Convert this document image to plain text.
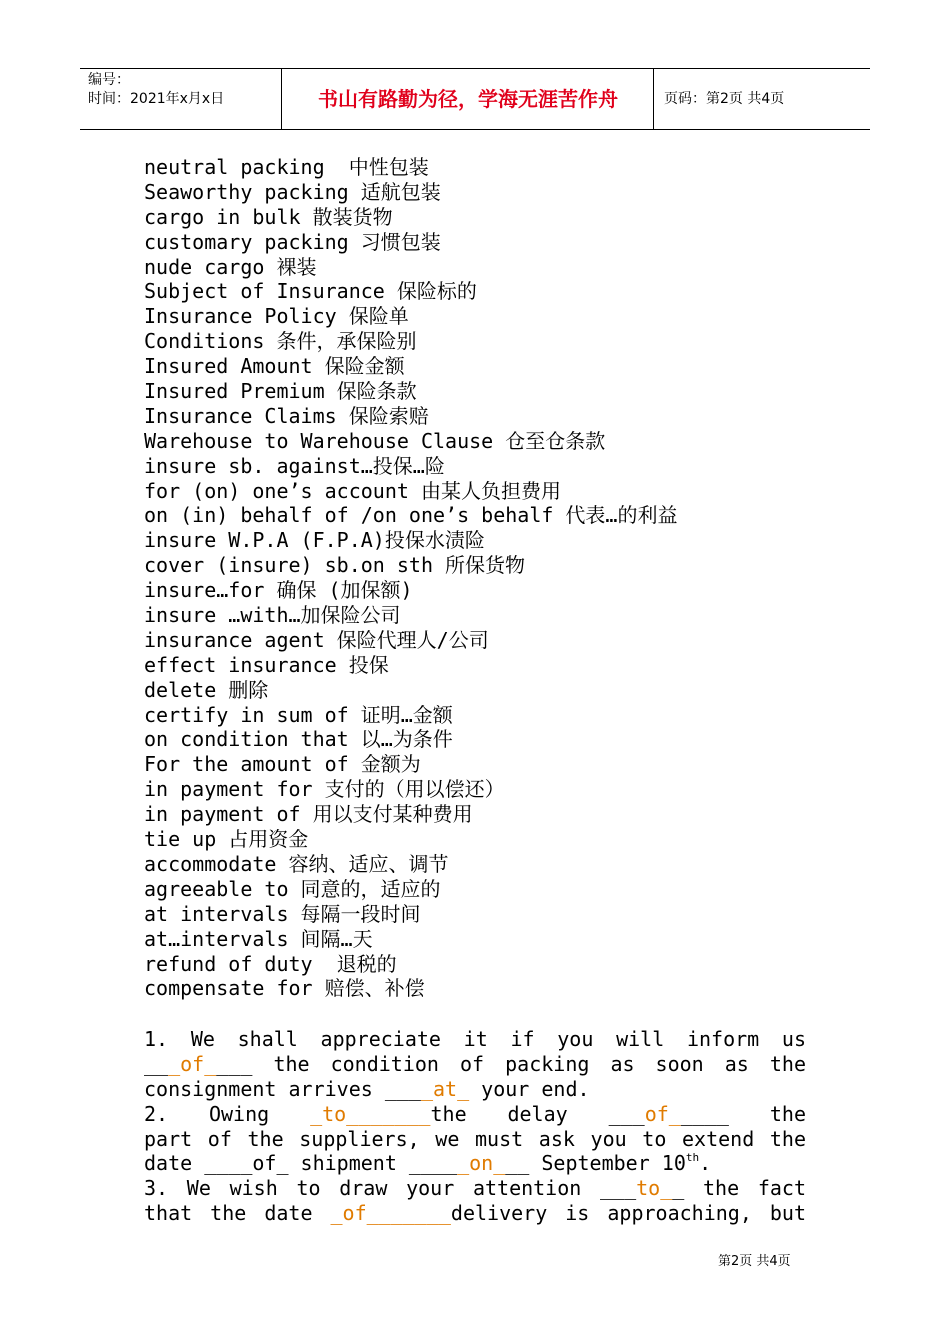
编号：
时间：2021年x月x日	书山有路勤为径，学海无涯苦作舟	页码：第2页 共4页
neutral packing  中性包装
Seaworthy packing 适航包装
cargo in bulk 散装货物
customary packing 习惯包装
nude cargo 裸装
Subject of Insurance 保险标的
Insurance Policy 保险单
Conditions 条件，承保险别
Insured Amount 保险金额
Insured Premium 保险条款
Insurance Claims 保险索赔
Warehouse to Warehouse Clause 仓至仓条款
insure sb. against…投保…险
for (on) one’s account 由某人负担费用
on (in) behalf of /on one’s behalf 代表…的利益
insure W.P.A (F.P.A)投保水渍险
cover (insure) sb.on sth 所保货物
insure…for 确保 (加保额)
insure …with…加保险公司
insurance agent 保险代理人/公司
effect insurance 投保
delete 删除
certify in sum of 证明…金额
on condition that 以…为条件
For the amount of 金额为
in payment for 支付的（用以偿还）
in payment of 用以支付某种费用
tie up 占用资金
accommodate 容纳、适应、调节
agreeable to 同意的，适应的
at intervals 每隔一段时间
at…intervals 间隔…天
refund of duty  退税的
compensate for 赔偿、补偿
1. We shall appreciate it if you will inform us
___of____ the condition of packing as soon as the
consignment arrives ____at_ your end.
2. Owing _to_______the delay ___of_____ the
part of the suppliers, we must ask you to extend the
date ____of_ shipment _____on___ September 10th.
3. We wish to draw your attention ___to__ the fact
that the date _of_______delivery is approaching, but
第2页 共4页
